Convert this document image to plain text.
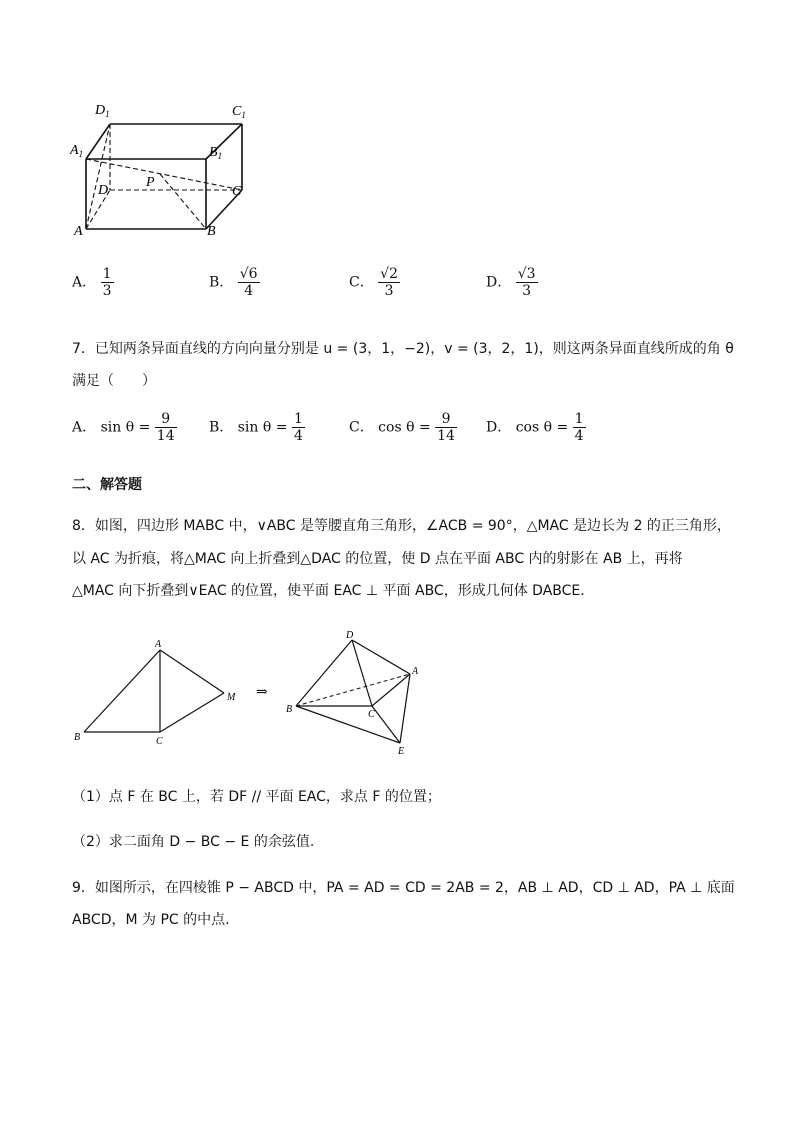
$D_1$	$C_1$
$A_1$	$B_1$
D
P
C
A	B
A． $\frac{1}{3}$	B． $\frac{√6}{4}$	C． $\frac{√2}{3}$	D． $\frac{√3}{3}$
7．已知两条异面直线的方向向量分别是 u = (3，1，−2)，v = (3，2，1)，则这两条异面直线所成的角 θ
满足（　　）
A． $\sin \theta = \frac{9}{14}$ B． $\sin \theta = \frac{1}{4}$	C． $\cos \theta = \frac{9}{14}$ D． $\cos \theta = \frac{1}{4}$
二、解答题
8．如图，四边形 MABC 中，∨ABC 是等腰直角三角形，∠ACB = 90°，△MAC 是边长为 2 的正三角形，
以 AC 为折痕，将△MAC 向上折叠到△DAC 的位置，使 D 点在平面 ABC 内的射影在 AB 上，再将
△MAC 向下折叠到∨EAC 的位置，使平面 EAC ⊥ 平面 ABC，形成几何体 DABCE．
A
M
B	C
⇒
D
A
B	C
E
（1）点 F 在 BC 上，若 DF // 平面 EAC，求点 F 的位置；
（2）求二面角 D − BC − E 的余弦值.
9．如图所示，在四棱锥 P − ABCD 中，PA = AD = CD = 2AB = 2，AB ⊥ AD，CD ⊥ AD，PA ⊥ 底面
ABCD，M 为 PC 的中点.
